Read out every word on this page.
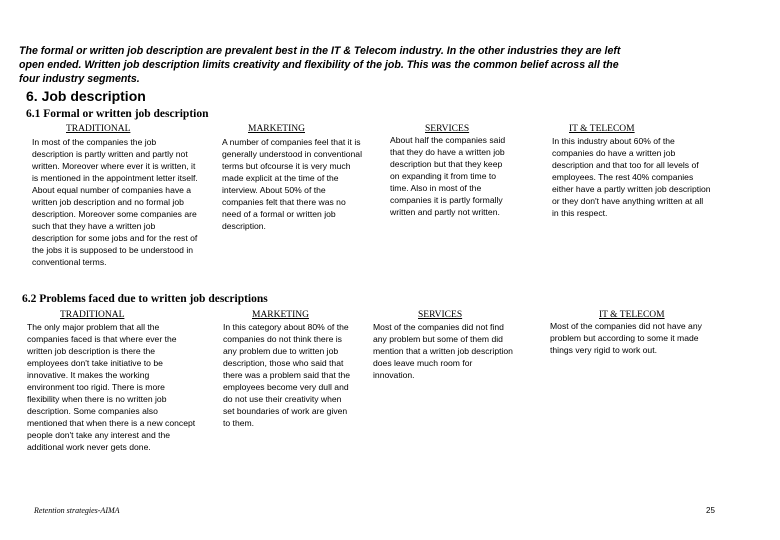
The formal or written job description are prevalent best in the IT & Telecom industry. In the other industries they are left open ended. Written job description limits creativity and flexibility of the job. This was the common belief across all the four industry segments.
6. Job description
6.1 Formal or written job description
TRADITIONAL	MARKETING	SERVICES	IT & TELECOM
In most of the companies the job description is partly written and partly not written. Moreover where ever it is written, it is mentioned in the appointment letter itself. About equal number of companies have a written job description and no formal job description. Moreover some companies are such that they have a written job description for some jobs and for the rest of the jobs it is supposed to be understood in conventional terms.
A number of companies feel that it is generally understood in conventional terms but ofcourse it is very much made explicit at the time of the interview. About 50% of the companies felt that there was no need of a formal or written job description.
About half the companies said that they do have a written job description but that they keep on expanding it from time to time. Also in most of the companies it is partly formally written and partly not written.
In this industry about 60% of the companies do have a written job description and that too for all levels of employees. The rest 40% companies either have a partly written job description or they don't have anything written at all in this respect.
6.2 Problems faced due to written job descriptions
TRADITIONAL	MARKETING	SERVICES	IT & TELECOM
The only major problem that all the companies faced is that where ever the written job description is there the employees don't take initiative to be innovative. It makes the working environment too rigid. There is more flexibility when there is no written job description. Some companies also mentioned that when there is a new concept people don't take any interest and the additional work never gets done.
In this category about 80% of the companies do not think there is any problem due to written job description, those who said that there was a problem said that the employees become very dull and do not use their creativity when set boundaries of work are given to them.
Most of the companies did not find any problem but some of them did mention that a written job description does leave much room for innovation.
Most of the companies did not have any problem but according to some it made things very rigid to work out.
Retention strategies-AIMA	25
